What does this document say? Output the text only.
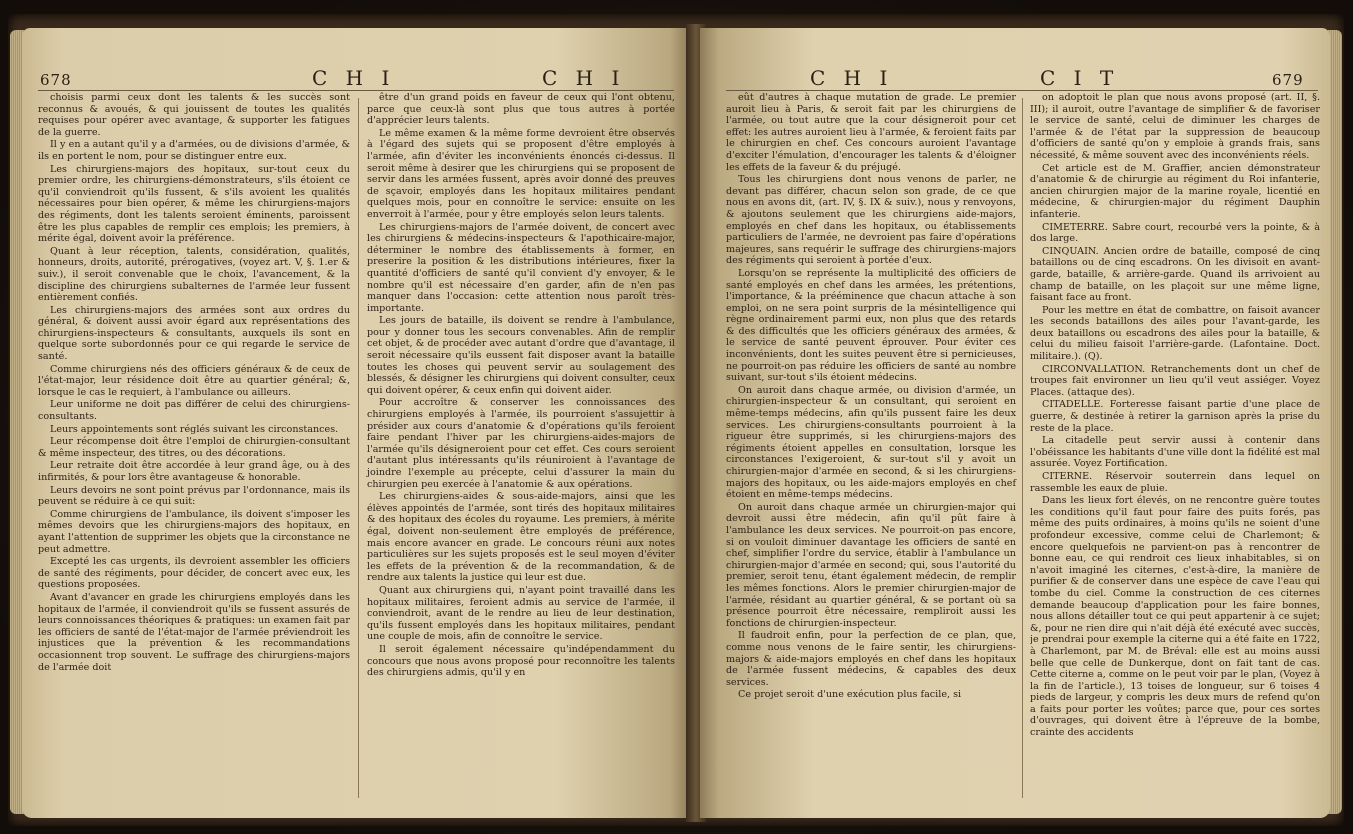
678	C H I	C H I

choisis parmi ceux dont les talents & les succès sont reconnus & avoués, & qui jouissent de toutes les qualités requises pour opérer avec avantage, & supporter les fatigues de la guerre.

Il y en a autant qu'il y a d'armées, ou de divisions d'armée, & ils en portent le nom, pour se distinguer entre eux.

Les chirurgiens-majors des hopitaux, sur-tout ceux du premier ordre, les chirurgiens-démonstrateurs, s'ils étoient ce qu'il conviendroit qu'ils fussent, & s'ils avoient les qualités nécessaires pour bien opérer, & même les chirurgiens-majors des régiments, dont les talents seroient éminents, paroissent être les plus capables de remplir ces emplois; les premiers, à mérite égal, doivent avoir la préférence.

Quant à leur réception, talents, considération, qualités, honneurs, droits, autorité, prérogatives, (voyez art. V, §. 1.er & suiv.), il seroit convenable que le choix, l'avancement, & la discipline des chirurgiens subalternes de l'armée leur fussent entièrement confiés.

Les chirurgiens-majors des armées sont aux ordres du général, & doivent aussi avoir égard aux représentations des chirurgiens-inspecteurs & consultants, auxquels ils sont en quelque sorte subordonnés pour ce qui regarde le service de santé.

Comme chirurgiens nés des officiers généraux & de ceux de l'état-major, leur résidence doit être au quartier général; &, lorsque le cas le requiert, à l'ambulance ou ailleurs.

Leur uniforme ne doit pas différer de celui des chirurgiens-consultants.

Leurs appointements sont réglés suivant les circonstances.

Leur récompense doit être l'emploi de chirurgien-consultant & même inspecteur, des titres, ou des décorations.

Leur retraite doit être accordée à leur grand âge, ou à des infirmités, & pour lors être avantageuse & honorable.

Leurs devoirs ne sont point prévus par l'ordonnance, mais ils peuvent se réduire à ce qui suit:

Comme chirurgiens de l'ambulance, ils doivent s'imposer les mêmes devoirs que les chirurgiens-majors des hopitaux, en ayant l'attention de supprimer les objets que la circonstance ne peut admettre.

Excepté les cas urgents, ils devroient assembler les officiers de santé des régiments, pour décider, de concert avec eux, les questions proposées.

Avant d'avancer en grade les chirurgiens employés dans les hopitaux de l'armée, il conviendroit qu'ils se fussent assurés de leurs connoissances théoriques & pratiques: un examen fait par les officiers de santé de l'état-major de l'armée préviendroit les injustices que la prévention & les recommandations occasionnent trop souvent. Le suffrage des chirurgiens-majors de l'armée doit

être d'un grand poids en faveur de ceux qui l'ont obtenu, parce que ceux-là sont plus que tous autres à portée d'apprécier leurs talents.

Le même examen & la même forme devroient être observés à l'égard des sujets qui se proposent d'être employés à l'armée, afin d'éviter les inconvénients énoncés ci-dessus. Il seroit même à desirer que les chirurgiens qui se proposent de servir dans les armées fussent, après avoir donné des preuves de sçavoir, employés dans les hopitaux militaires pendant quelques mois, pour en connoître le service: ensuite on les enverroit à l'armée, pour y être employés selon leurs talents.

Les chirurgiens-majors de l'armée doivent, de concert avec les chirurgiens & médecins-inspecteurs & l'apothicaire-major, déterminer le nombre des établissements à former, en preserire la position & les distributions intérieures, fixer la quantité d'officiers de santé qu'il convient d'y envoyer, & le nombre qu'il est nécessaire d'en garder, afin de n'en pas manquer dans l'occasion: cette attention nous paroît très-importante.

Les jours de bataille, ils doivent se rendre à l'ambulance, pour y donner tous les secours convenables. Afin de remplir cet objet, & de procéder avec autant d'ordre que d'avantage, il seroit nécessaire qu'ils eussent fait disposer avant la bataille toutes les choses qui peuvent servir au soulagement des blessés, & désigner les chirurgiens qui doivent consulter, ceux qui doivent opérer, & ceux enfin qui doivent aider.

Pour accroître & conserver les connoissances des chirurgiens employés à l'armée, ils pourroient s'assujettir à présider aux cours d'anatomie & d'opérations qu'ils feroient faire pendant l'hiver par les chirurgiens-aides-majors de l'armée qu'ils désigneroient pour cet effet. Ces cours seroient d'autant plus intéressants qu'ils réuniroient à l'avantage de joindre l'exemple au précepte, celui d'assurer la main du chirurgien peu exercée à l'anatomie & aux opérations.

Les chirurgiens-aides & sous-aide-majors, ainsi que les élèves appointés de l'armée, sont tirés des hopitaux militaires & des hopitaux des écoles du royaume. Les premiers, à mérite égal, doivent non-seulement être employés de préférence, mais encore avancer en grade. Le concours réuni aux notes particulières sur les sujets proposés est le seul moyen d'éviter les effets de la prévention & de la recommandation, & de rendre aux talents la justice qui leur est due.

Quant aux chirurgiens qui, n'ayant point travaillé dans les hopitaux militaires, feroient admis au service de l'armée, il conviendroit, avant de le rendre au lieu de leur destination, qu'ils fussent employés dans les hopitaux militaires, pendant une couple de mois, afin de connoître le service.

Il seroit également nécessaire qu'indépendamment du concours que nous avons proposé pour reconnoître les talents des chirurgiens admis, qu'il y en

C H I	C I T	679

eût d'autres à chaque mutation de grade. Le premier auroit lieu à Paris, & seroit fait par les chirurgiens de l'armée, ou tout autre que la cour désigneroit pour cet effet: les autres auroient lieu à l'armée, & feroient faits par le chirurgien en chef. Ces concours auroient l'avantage d'exciter l'émulation, d'encourager les talents & d'éloigner les effets de la faveur & du préjugé.

Tous les chirurgiens dont nous venons de parler, ne devant pas différer, chacun selon son grade, de ce que nous en avons dit, (art. IV, §. IX & suiv.), nous y renvoyons, & ajoutons seulement que les chirurgiens aide-majors, employés en chef dans les hopitaux, ou établissements particuliers de l'armée, ne devroient pas faire d'opérations majeures, sans requérir le suffrage des chirurgiens-majors des régiments qui seroient à portée d'eux.

Lorsqu'on se représente la multiplicité des officiers de santé employés en chef dans les armées, les prétentions, l'importance, & la prééminence que chacun attache à son emploi, on ne sera point surpris de la mésintelligence qui règne ordinairement parmi eux, non plus que des retards & des difficultés que les officiers généraux des armées, & le service de santé peuvent éprouver. Pour éviter ces inconvénients, dont les suites peuvent être si pernicieuses, ne pourroit-on pas réduire les officiers de santé au nombre suivant, sur-tout s'ils étoient médecins.

On auroit dans chaque armée, ou division d'armée, un chirurgien-inspecteur & un consultant, qui seroient en même-temps médecins, afin qu'ils pussent faire les deux services. Les chirurgiens-consultants pourroient à la rigueur être supprimés, si les chirurgiens-majors des régiments étoient appelles en consultation, lorsque les circonstances l'exigeroient, & sur-tout s'il y avoit un chirurgien-major d'armée en second, & si les chirurgiens-majors des hopitaux, ou les aide-majors employés en chef étoient en même-temps médecins.

On auroit dans chaque armée un chirurgien-major qui devroit aussi être médecin, afin qu'il pût faire à l'ambulance les deux services. Ne pourroit-on pas encore, si on vouloit diminuer davantage les officiers de santé en chef, simplifier l'ordre du service, établir à l'ambulance un chirurgien-major d'armée en second; qui, sous l'autorité du premier, seroit tenu, étant également médecin, de remplir les mêmes fonctions. Alors le premier chirurgien-major de l'armée, résidant au quartier général, & se portant où sa présence pourroit être nécessaire, rempliroit aussi les fonctions de chirurgien-inspecteur.

Il faudroit enfin, pour la perfection de ce plan, que, comme nous venons de le faire sentir, les chirurgiens-majors & aide-majors employés en chef dans les hopitaux de l'armée fussent médecins, & capables des deux services.

Ce projet seroit d'une exécution plus facile, si

on adoptoit le plan que nous avons proposé (art. II, §. III); il auroit, outre l'avantage de simplifier & de favoriser le service de santé, celui de diminuer les charges de l'armée & de l'état par la suppression de beaucoup d'officiers de santé qu'on y emploie à grands frais, sans nécessité, & même souvent avec des inconvénients réels.

Cet article est de M. Graffier, ancien démonstrateur d'anatomie & de chirurgie au régiment du Roi infanterie, ancien chirurgien major de la marine royale, licentié en médecine, & chirurgien-major du régiment Dauphin infanterie.

CIMETERRE. Sabre court, recourbé vers la pointe, & à dos large.

CINQUAIN. Ancien ordre de bataille, composé de cinq bataillons ou de cinq escadrons. On les divisoit en avant-garde, bataille, & arrière-garde. Quand ils arrivoient au champ de bataille, on les plaçoit sur une même ligne, faisant face au front.

Pour les mettre en état de combattre, on faisoit avancer les seconds bataillons des ailes pour l'avant-garde, les deux bataillons ou escadrons des ailes pour la bataille, & celui du milieu faisoit l'arrière-garde. (Lafontaine. Doct. militaire.). (Q).

CIRCONVALLATION. Retranchements dont un chef de troupes fait environner un lieu qu'il veut assiéger. Voyez Places. (attaque des).

CITADELLE. Forteresse faisant partie d'une place de guerre, & destinée à retirer la garnison après la prise du reste de la place.

La citadelle peut servir aussi à contenir dans l'obéissance les habitants d'une ville dont la fidélité est mal assurée. Voyez Fortification.

CITERNE. Réservoir souterrein dans lequel on rassemble les eaux de pluie.

Dans les lieux fort élevés, on ne rencontre guère toutes les conditions qu'il faut pour faire des puits forés, pas même des puits ordinaires, à moins qu'ils ne soient d'une profondeur excessive, comme celui de Charlemont; & encore quelquefois ne parvient-on pas à rencontrer de bonne eau, ce qui rendroit ces lieux inhabitables, si on n'avoit imaginé les citernes, c'est-à-dire, la manière de purifier & de conserver dans une espèce de cave l'eau qui tombe du ciel. Comme la construction de ces citernes demande beaucoup d'application pour les faire bonnes, nous allons détailler tout ce qui peut appartenir à ce sujet; &, pour ne rien dire qui n'ait déjà été exécuté avec succès, je prendrai pour exemple la citerne qui a été faite en 1722, à Charlemont, par M. de Bréval: elle est au moins aussi belle que celle de Dunkerque, dont on fait tant de cas. Cette citerne a, comme on le peut voir par le plan, (Voyez à la fin de l'article.), 13 toises de longueur, sur 6 toises 4 pieds de largeur, y compris les deux murs de refend qu'on a faits pour porter les voûtes; parce que, pour ces sortes d'ouvrages, qui doivent être à l'épreuve de la bombe, crainte des accidents
